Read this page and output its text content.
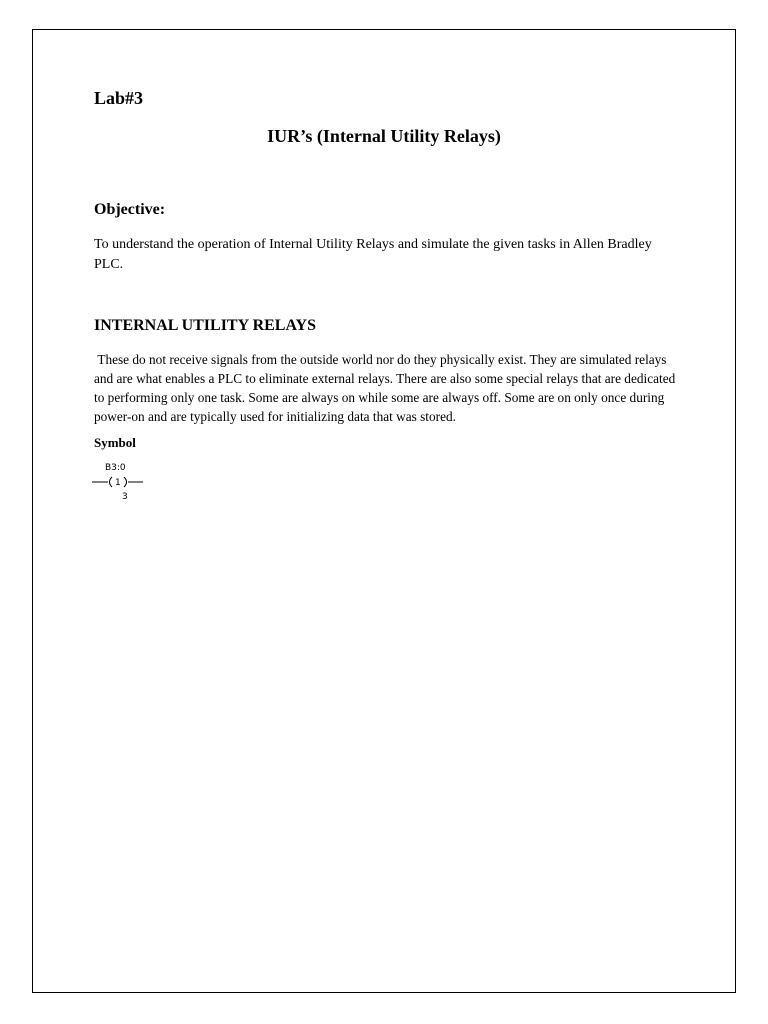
Lab#3
IUR’s (Internal Utility Relays)
Objective:

To understand the operation of Internal Utility Relays and simulate the given tasks in Allen Bradley PLC.

INTERNAL UTILITY RELAYS

These do not receive signals from the outside world nor do they physically exist. They are simulated relays and are what enables a PLC to eliminate external relays. There are also some special relays that are dedicated to performing only one task. Some are always on while some are always off. Some are on only once during power-on and are typically used for initializing data that was stored.

Symbol
B3:0
1
3
